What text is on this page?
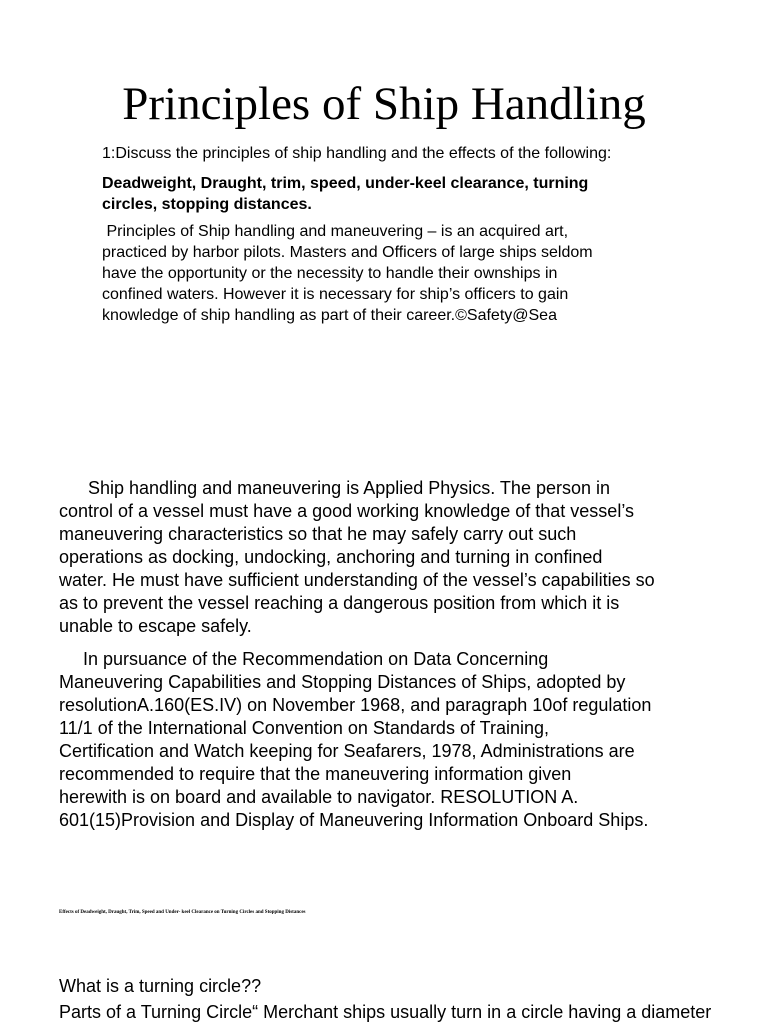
Principles of Ship Handling
1:Discuss the principles of ship handling and the effects of the following:
Deadweight, Draught, trim, speed, under-keel clearance, turning
circles, stopping distances.
Principles of Ship handling and maneuvering – is an acquired art,
practiced by harbor pilots. Masters and Officers of large ships seldom
have the opportunity or the necessity to handle their ownships in
confined waters. However it is necessary for ship’s officers to gain
knowledge of ship handling as part of their career.©Safety@Sea
Ship handling and maneuvering is Applied Physics. The person in
control of a vessel must have a good working knowledge of that vessel’s
maneuvering characteristics so that he may safely carry out such
operations as docking, undocking, anchoring and turning in confined
water. He must have sufficient understanding of the vessel’s capabilities so
as to prevent the vessel reaching a dangerous position from which it is
unable to escape safely.
In pursuance of the Recommendation on Data Concerning
Maneuvering Capabilities and Stopping Distances of Ships, adopted by
resolutionA.160(ES.IV) on November 1968, and paragraph 10of regulation
11/1 of the International Convention on Standards of Training,
Certification and Watch keeping for Seafarers, 1978, Administrations are
recommended to require that the maneuvering information given
herewith is on board and available to navigator. RESOLUTION A.
601(15)Provision and Display of Maneuvering Information Onboard Ships.
Effects of Deadweight, Draught, Trim, Speed and Under- keel Clearance on Turning Circles and Stopping Distances
What is a turning circle??
Parts of a Turning Circle“ Merchant ships usually turn in a circle having a diameter
